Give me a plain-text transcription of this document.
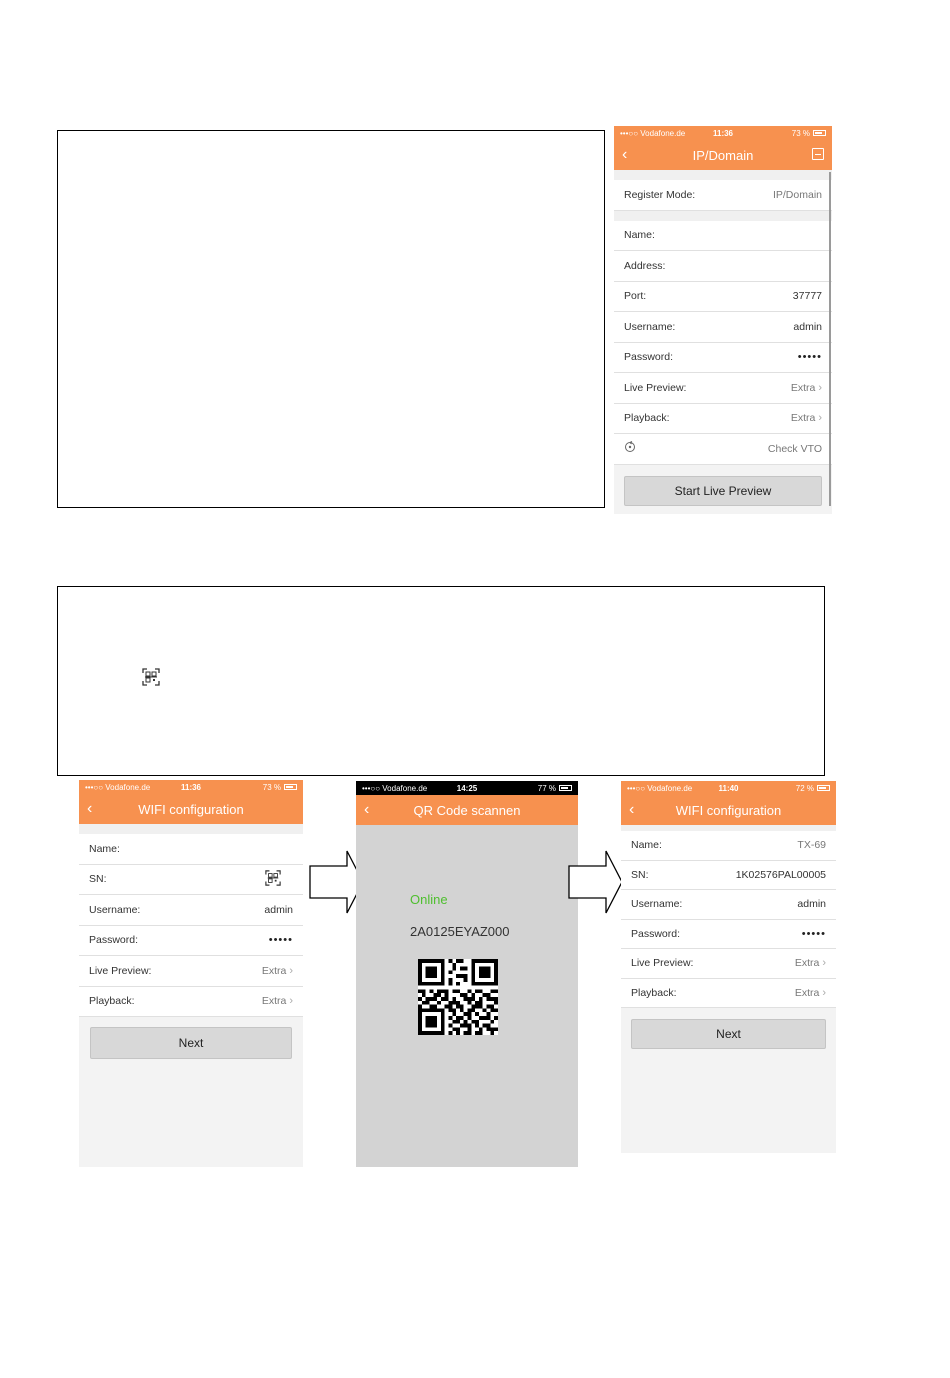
•••○○ Vodafone.de	11:36	73 %
‹	IP/Domain
Register Mode:	IP/Domain
Name:
Address:
Port:	37777
Username:	admin
Password:	•••••
Live Preview:	Extra ›
Playback:	Extra ›
Check VTO
Start Live Preview
•••○○ Vodafone.de	11:36	73 %
‹	WIFI configuration
Name:
SN:
Username:	admin
Password:	•••••
Live Preview:	Extra ›
Playback:	Extra ›
Next
•••○○ Vodafone.de	14:25	77 %
‹	QR Code scannen
Online
2A0125EYAZ000
•••○○ Vodafone.de	11:40	72 %
‹	WIFI configuration
Name:	TX-69
SN:	1K02576PAL00005
Username:	admin
Password:	•••••
Live Preview:	Extra ›
Playback:	Extra ›
Next
